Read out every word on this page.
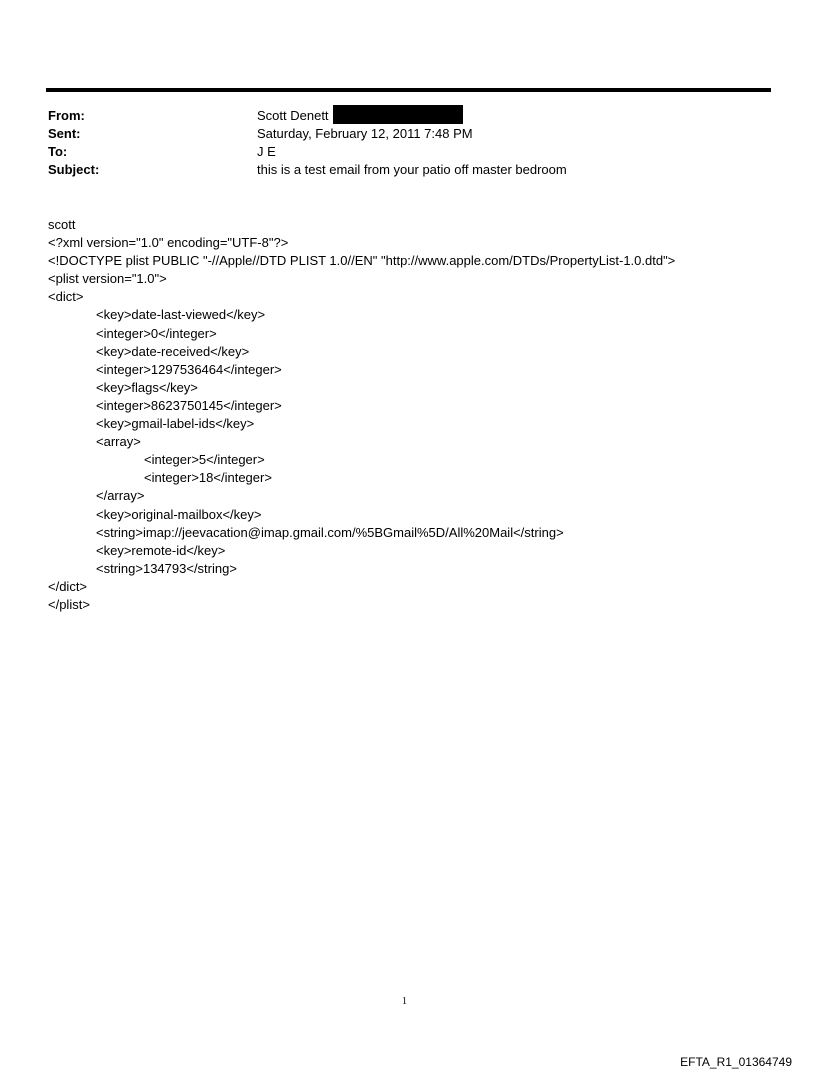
From:	Scott Denett
Sent:	Saturday, February 12, 2011 7:48 PM
To:	J E
Subject:	this is a test email from your patio off master bedroom
scott
<?xml version="1.0" encoding="UTF-8"?>
<!DOCTYPE plist PUBLIC "-//Apple//DTD PLIST 1.0//EN" "http://www.apple.com/DTDs/PropertyList-1.0.dtd">
<plist version="1.0">
<dict>
<key>date-last-viewed</key>
<integer>0</integer>
<key>date-received</key>
<integer>1297536464</integer>
<key>flags</key>
<integer>8623750145</integer>
<key>gmail-label-ids</key>
<array>
<integer>5</integer>
<integer>18</integer>
</array>
<key>original-mailbox</key>
<string>imap://jeevacation@imap.gmail.com/%5BGmail%5D/All%20Mail</string>
<key>remote-id</key>
<string>134793</string>
</dict>
</plist>
1
EFTA_R1_01364749
